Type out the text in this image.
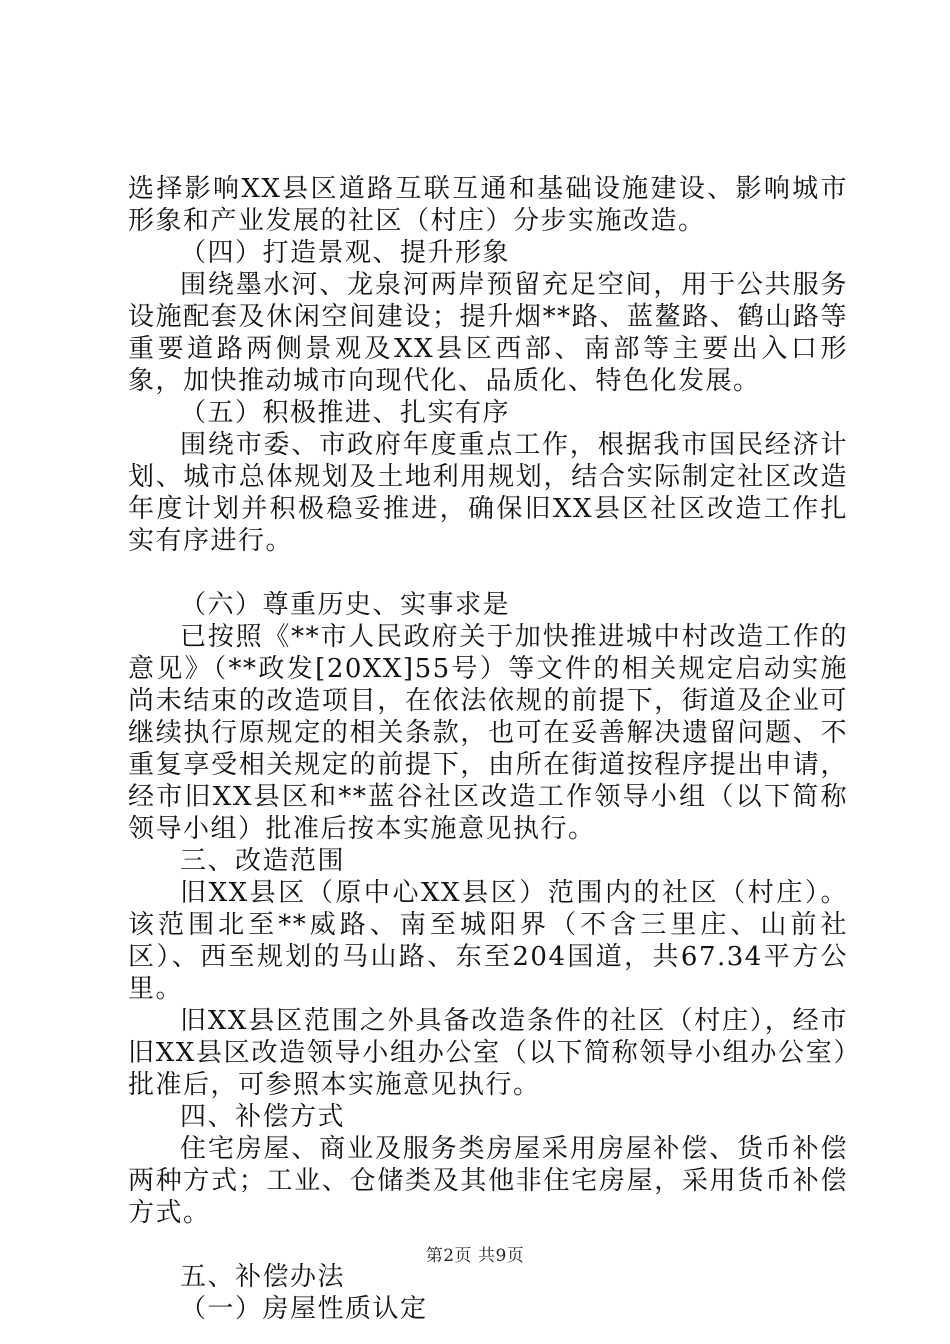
选择影响XX县区道路互联互通和基础设施建设、影响城市形象和产业发展的社区（村庄）分步实施改造。

（四）打造景观、提升形象

围绕墨水河、龙泉河两岸预留充足空间，用于公共服务设施配套及休闲空间建设；提升烟**路、蓝鳌路、鹤山路等重要道路两侧景观及XX县区西部、南部等主要出入口形象，加快推动城市向现代化、品质化、特色化发展。

（五）积极推进、扎实有序

围绕市委、市政府年度重点工作，根据我市国民经济计划、城市总体规划及土地利用规划，结合实际制定社区改造年度计划并积极稳妥推进，确保旧XX县区社区改造工作扎实有序进行。

（六）尊重历史、实事求是

已按照《**市人民政府关于加快推进城中村改造工作的意见》（**政发[20XX]55号）等文件的相关规定启动实施尚未结束的改造项目，在依法依规的前提下，街道及企业可继续执行原规定的相关条款，也可在妥善解决遗留问题、不重复享受相关规定的前提下，由所在街道按程序提出申请，经市旧XX县区和**蓝谷社区改造工作领导小组（以下简称领导小组）批准后按本实施意见执行。

三、改造范围

旧XX县区（原中心XX县区）范围内的社区（村庄）。该范围北至**威路、南至城阳界（不含三里庄、山前社区）、西至规划的马山路、东至204国道，共67.34平方公里。

旧XX县区范围之外具备改造条件的社区（村庄），经市旧XX县区改造领导小组办公室（以下简称领导小组办公室）批准后，可参照本实施意见执行。

四、补偿方式

住宅房屋、商业及服务类房屋采用房屋补偿、货币补偿两种方式；工业、仓储类及其他非住宅房屋，采用货币补偿方式。

五、补偿办法

（一）房屋性质认定

第2页 共9页
